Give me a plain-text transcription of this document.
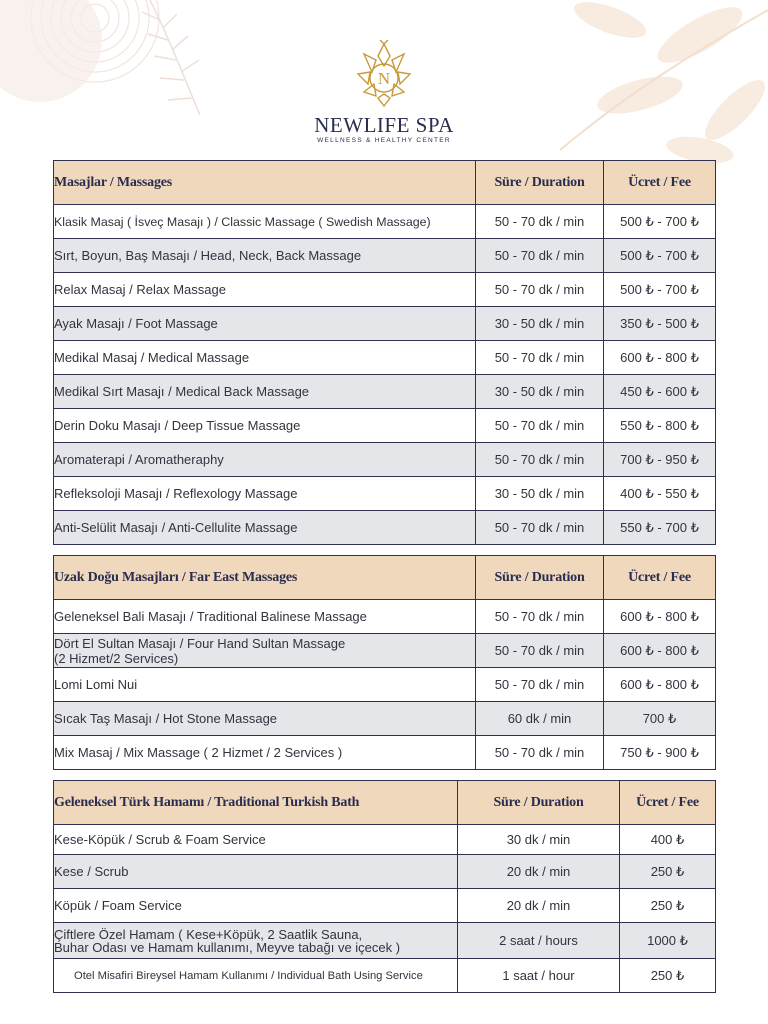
N
NEWLIFE SPA
WELLNESS & HEALTHY CENTER
Masajlar / Massages	Süre / Duration	Ücret / Fee
Klasik Masaj ( İsveç Masajı ) / Classic Massage ( Swedish Massage)	50 - 70 dk / min	500 ₺ - 700 ₺
Sırt, Boyun, Baş Masajı / Head, Neck, Back Massage	50 - 70 dk / min	500 ₺ - 700 ₺
Relax Masaj / Relax Massage	50 - 70 dk / min	500 ₺ - 700 ₺
Ayak Masajı / Foot Massage	30 - 50 dk / min	350 ₺ - 500 ₺
Medikal Masaj / Medical Massage	50 - 70 dk / min	600 ₺ - 800 ₺
Medikal Sırt Masajı / Medical Back Massage	30 - 50 dk / min	450 ₺ - 600 ₺
Derin Doku Masajı / Deep Tissue Massage	50 - 70 dk / min	550 ₺ - 800 ₺
Aromaterapi / Aromatheraphy	50 - 70 dk / min	700 ₺ - 950 ₺
Refleksoloji Masajı / Reflexology Massage	30 - 50 dk / min	400 ₺ - 550 ₺
Anti-Selülit Masajı / Anti-Cellulite Massage	50 - 70 dk / min	550 ₺ - 700 ₺
Uzak Doğu Masajları / Far East Massages	Süre / Duration	Ücret / Fee
Geleneksel Bali Masajı / Traditional Balinese Massage	50 - 70 dk / min	600 ₺ - 800 ₺

Dört El Sultan Masajı / Four Hand Sultan Massage
(2 Hizmet/2 Services)	50 - 70 dk / min	600 ₺ - 800 ₺
Lomi Lomi Nui	50 - 70 dk / min	600 ₺ - 800 ₺
Sıcak Taş Masajı / Hot Stone Massage	60 dk / min	700 ₺
Mix Masaj / Mix Massage ( 2 Hizmet / 2 Services )	50 - 70 dk / min	750 ₺ - 900 ₺
Geleneksel Türk Hamamı / Traditional Turkish Bath	Süre / Duration	Ücret / Fee
Kese-Köpük / Scrub & Foam Service	30 dk / min	400 ₺
Kese / Scrub	20 dk / min	250 ₺
Köpük / Foam Service	20 dk / min	250 ₺

Çiftlere Özel Hamam ( Kese+Köpük, 2 Saatlik Sauna,
Buhar Odası ve Hamam kullanımı, Meyve tabağı ve içecek )	2 saat / hours	1000 ₺
Otel Misafiri Bireysel Hamam Kullanımı / Individual Bath Using Service	1 saat / hour	250 ₺
